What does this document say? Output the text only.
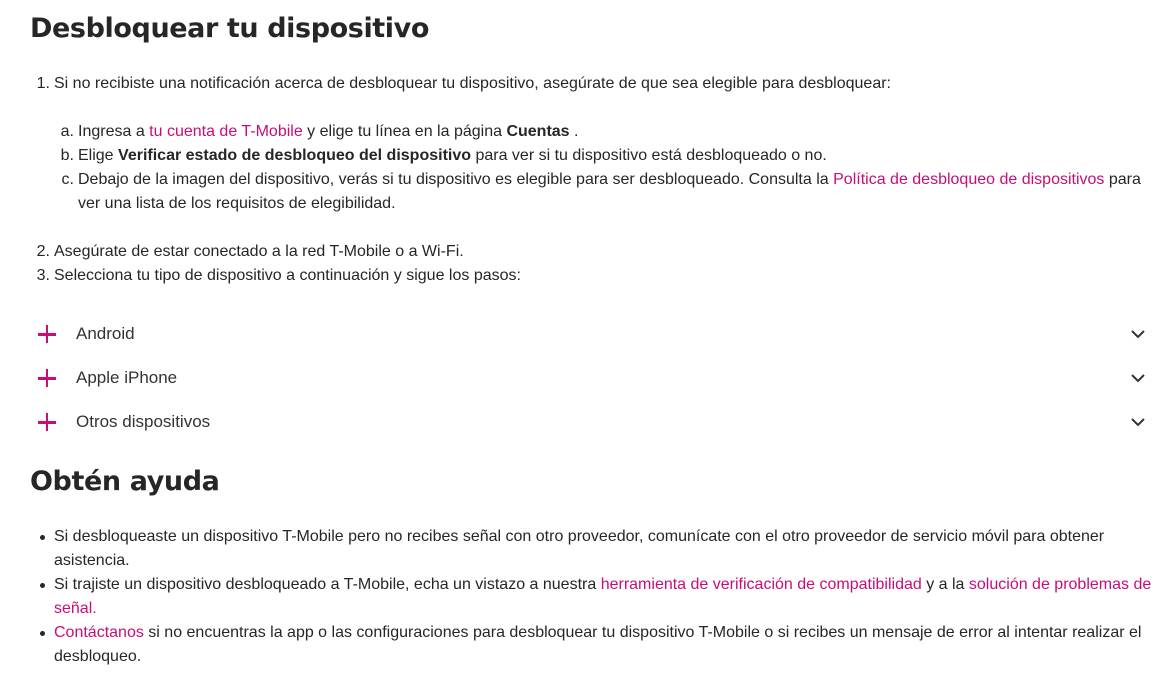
Desbloquear tu dispositivo
1. Si no recibiste una notificación acerca de desbloquear tu dispositivo, asegúrate de que sea elegible para desbloquear:
a. Ingresa a tu cuenta de T-Mobile y elige tu línea en la página Cuentas .
b. Elige Verificar estado de desbloqueo del dispositivo para ver si tu dispositivo está desbloqueado o no.
c. Debajo de la imagen del dispositivo, verás si tu dispositivo es elegible para ser desbloqueado. Consulta la Política de desbloqueo de dispositivos para
ver una lista de los requisitos de elegibilidad.
2. Asegúrate de estar conectado a la red T-Mobile o a Wi-Fi.
3. Selecciona tu tipo de dispositivo a continuación y sigue los pasos:
Android
Apple iPhone
Otros dispositivos
Obtén ayuda
Si desbloqueaste un dispositivo T-Mobile pero no recibes señal con otro proveedor, comunícate con el otro proveedor de servicio móvil para obtener
asistencia.
Si trajiste un dispositivo desbloqueado a T-Mobile, echa un vistazo a nuestra herramienta de verificación de compatibilidad y a la solución de problemas de
señal.
Contáctanos si no encuentras la app o las configuraciones para desbloquear tu dispositivo T-Mobile o si recibes un mensaje de error al intentar realizar el
desbloqueo.
